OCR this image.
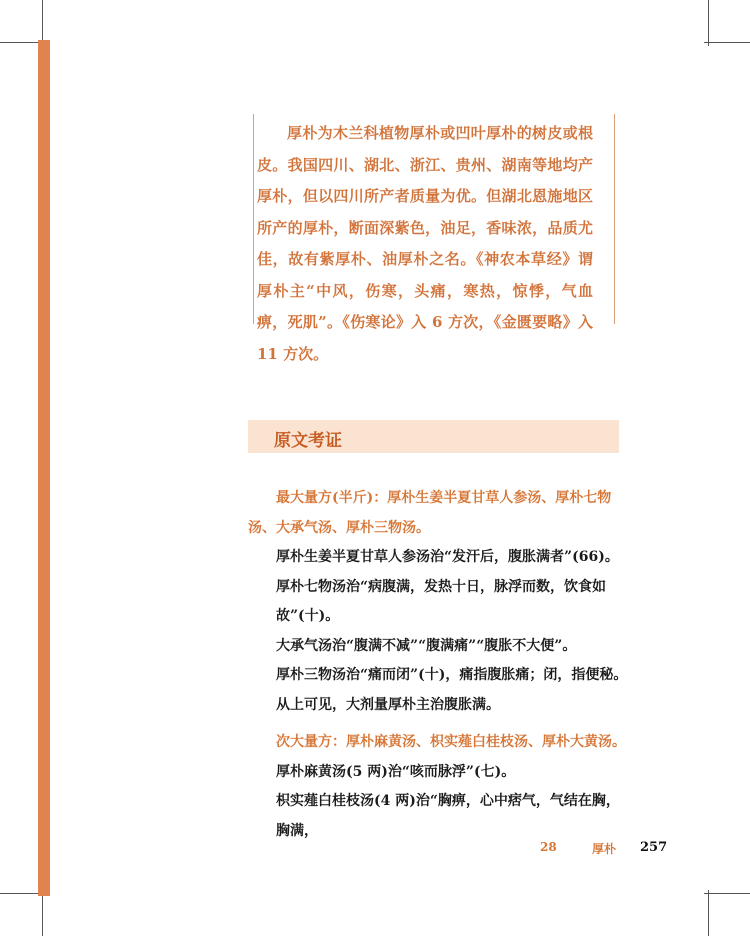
厚朴为木兰科植物厚朴或凹叶厚朴的树皮或根皮。我国四川、湖北、浙江、贵州、湖南等地均产厚朴，但以四川所产者质量为优。但湖北恩施地区所产的厚朴，断面深紫色，油足，香味浓，品质尤佳，故有紫厚朴、油厚朴之名。《神农本草经》谓厚朴主“中风，伤寒，头痛，寒热，惊悸，气血痹，死肌”。《伤寒论》入 6 方次，《金匮要略》入 11 方次。
原文考证

最大量方(半斤)：厚朴生姜半夏甘草人参汤、厚朴七物汤、大承气汤、厚朴三物汤。

厚朴生姜半夏甘草人参汤治“发汗后，腹胀满者”(66)。

厚朴七物汤治“病腹满，发热十日，脉浮而数，饮食如故”(十)。

大承气汤治“腹满不减”“腹满痛”“腹胀不大便”。

厚朴三物汤治“痛而闭”(十)，痛指腹胀痛；闭，指便秘。

从上可见，大剂量厚朴主治腹胀满。

次大量方：厚朴麻黄汤、枳实薤白桂枝汤、厚朴大黄汤。

厚朴麻黄汤(5 两)治“咳而脉浮”(七)。

枳实薤白桂枝汤(4 两)治“胸痹，心中痞气，气结在胸，胸满，

28	厚朴 257
